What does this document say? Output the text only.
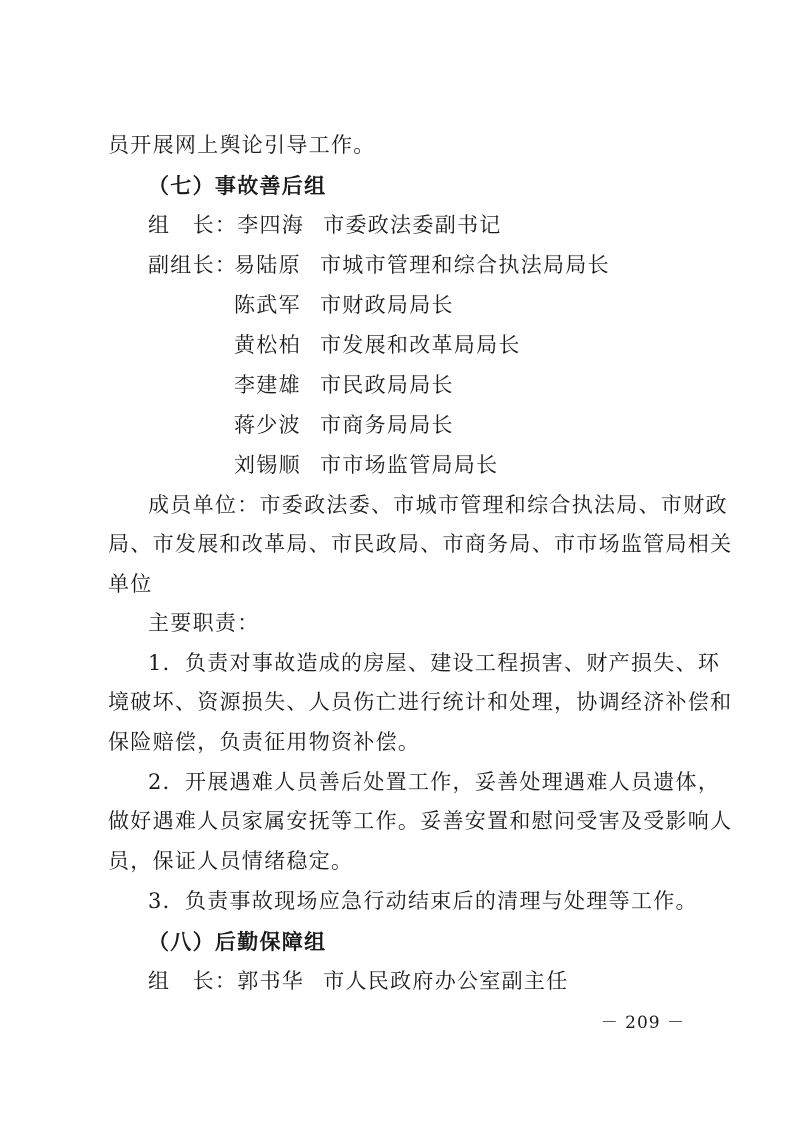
员开展网上舆论引导工作。
（七）事故善后组
组　长：李四海 市委政法委副书记
副组长：易陆原 市城市管理和综合执法局局长
陈武军 市财政局局长
黄松柏 市发展和改革局局长
李建雄 市民政局局长
蒋少波 市商务局局长
刘锡顺 市市场监管局局长
成员单位：市委政法委、市城市管理和综合执法局、市财政
局、市发展和改革局、市民政局、市商务局、市市场监管局相关
单位
主要职责：
1．负责对事故造成的房屋、建设工程损害、财产损失、环
境破坏、资源损失、人员伤亡进行统计和处理，协调经济补偿和
保险赔偿，负责征用物资补偿。
2．开展遇难人员善后处置工作，妥善处理遇难人员遗体，
做好遇难人员家属安抚等工作。妥善安置和慰问受害及受影响人
员，保证人员情绪稳定。
3．负责事故现场应急行动结束后的清理与处理等工作。
（八）后勤保障组
组　长：郭书华 市人民政府办公室副主任
－ 209 －
